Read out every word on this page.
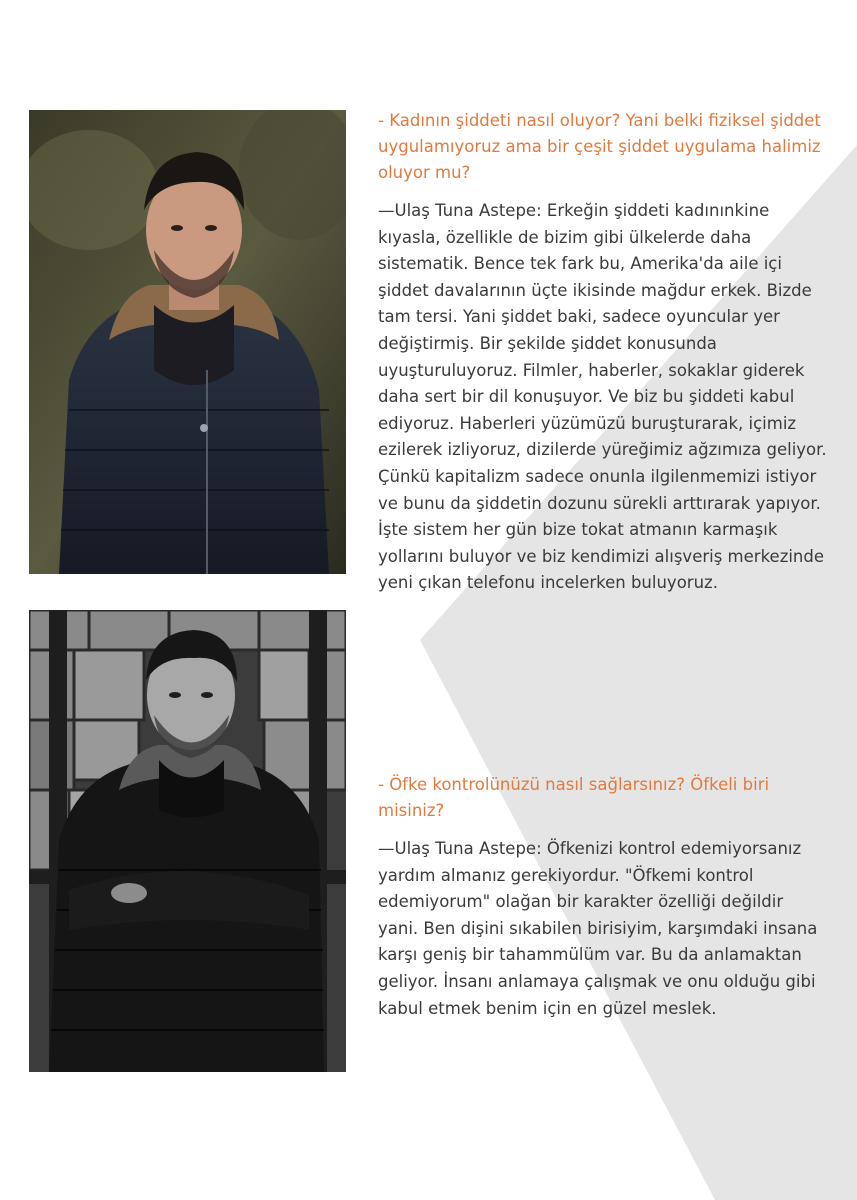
- Kadının şiddeti nasıl oluyor? Yani belki fiziksel şiddet uygulamıyoruz ama bir çeşit şiddet uygulama halimiz oluyor mu?

—Ulaş Tuna Astepe: Erkeğin şiddeti kadınınkine kıyasla, özellikle de bizim gibi ülkelerde daha sistematik. Bence tek fark bu, Amerika'da aile içi şiddet davalarının üçte ikisinde mağdur erkek. Bizde tam tersi. Yani şiddet baki, sadece oyuncular yer değiştirmiş. Bir şekilde şiddet konusunda uyuşturuluyoruz. Filmler, haberler, sokaklar giderek daha sert bir dil konuşuyor. Ve biz bu şiddeti kabul ediyoruz. Haberleri yüzümüzü buruşturarak, içimiz ezilerek izliyoruz, dizilerde yüreğimiz ağzımıza geliyor. Çünkü kapitalizm sadece onunla ilgilenmemizi istiyor ve bunu da şiddetin dozunu sürekli arttırarak yapıyor. İşte sistem her gün bize tokat atmanın karmaşık yollarını buluyor ve biz kendimizi alışveriş merkezinde yeni çıkan telefonu incelerken buluyoruz.

- Öfke kontrolünüzü nasıl sağlarsınız? Öfkeli biri misiniz?

—Ulaş Tuna Astepe: Öfkenizi kontrol edemiyorsanız yardım almanız gerekiyordur. "Öfkemi kontrol edemiyorum" olağan bir karakter özelliği değildir yani. Ben dişini sıkabilen birisiyim, karşımdaki insana karşı geniş bir tahammülüm var. Bu da anlamaktan geliyor. İnsanı anlamaya çalışmak ve onu olduğu gibi kabul etmek benim için en güzel meslek.
